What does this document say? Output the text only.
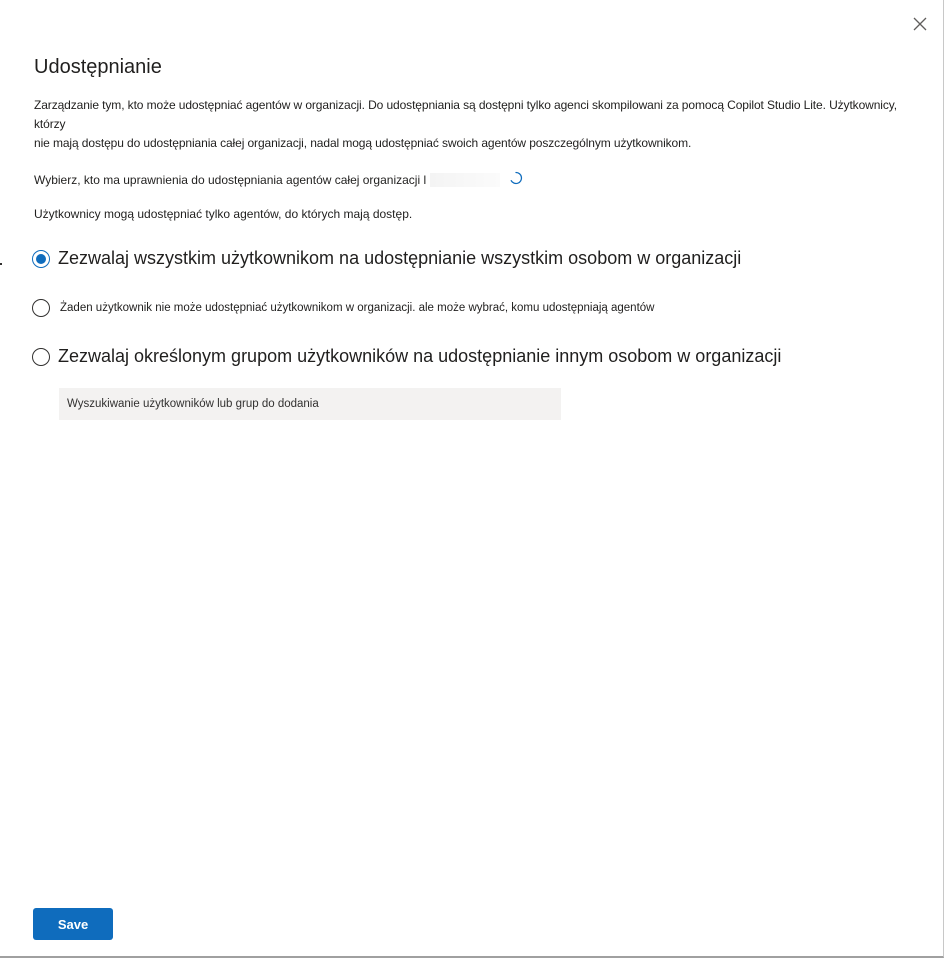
Udostępnianie
Zarządzanie tym, kto może udostępniać agentów w organizacji. Do udostępniania są dostępni tylko agenci skompilowani za pomocą Copilot Studio Lite. Użytkownicy, którzy
nie mają dostępu do udostępniania całej organizacji, nadal mogą udostępniać swoich agentów poszczególnym użytkownikom.
Wybierz, kto ma uprawnienia do udostępniania agentów całej organizacji l
Użytkownicy mogą udostępniać tylko agentów, do których mają dostęp.
Zezwalaj wszystkim użytkownikom na udostępnianie wszystkim osobom w organizacji
Żaden użytkownik nie może udostępniać użytkownikom w organizacji. ale może wybrać, komu udostępniają agentów
Zezwalaj określonym grupom użytkowników na udostępnianie innym osobom w organizacji
Wyszukiwanie użytkowników lub grup do dodania
Save
